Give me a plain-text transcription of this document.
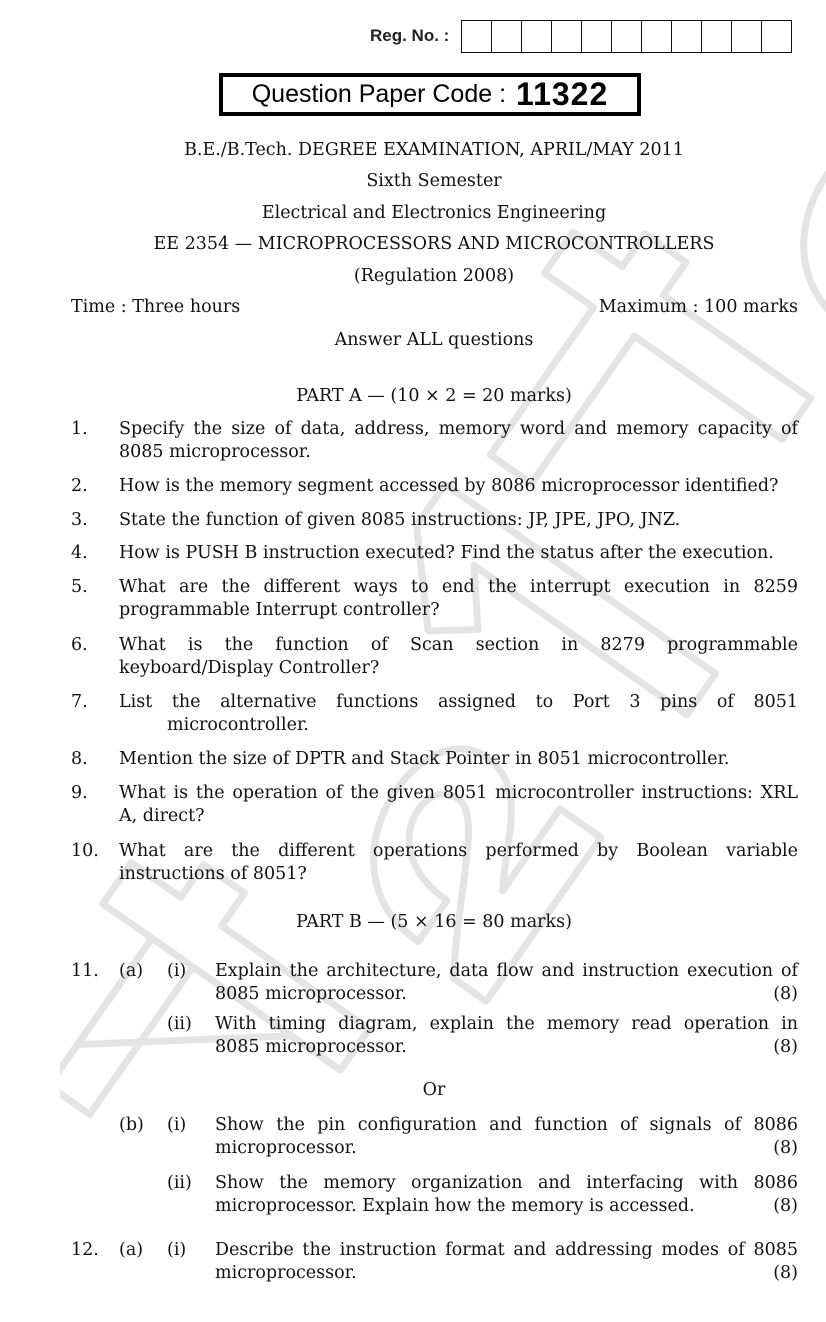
Reg. No. :
Question Paper Code : 11322
B.E./B.Tech. DEGREE EXAMINATION, APRIL/MAY 2011
Sixth Semester
Electrical and Electronics Engineering
EE 2354 — MICROPROCESSORS AND MICROCONTROLLERS
(Regulation 2008)
Time : Three hours	Maximum : 100 marks
Answer ALL questions
PART A — (10 × 2 = 20 marks)
1. Specify the size of data, address, memory word and memory capacity of
8085 microprocessor.
2. How is the memory segment accessed by 8086 microprocessor identified?
3. State the function of given 8085 instructions: JP, JPE, JPO, JNZ.
4. How is PUSH B instruction executed? Find the status after the execution.
5. What are the different ways to end the interrupt execution in 8259
programmable Interrupt controller?
6. What is the function of Scan section in 8279 programmable
keyboard/Display Controller?
7. List the alternative functions assigned to Port 3 pins of 8051
microcontroller.
8. Mention the size of DPTR and Stack Pointer in 8051 microcontroller.
9. What is the operation of the given 8051 microcontroller instructions: XRL
A, direct?
10. What are the different operations performed by Boolean variable
instructions of 8051?
PART B — (5 × 16 = 80 marks)
11. (a) (i) Explain the architecture, data flow and instruction execution of
8085 microprocessor.	(8)
(ii) With timing diagram, explain the memory read operation in
8085 microprocessor.	(8)
Or
(b) (i) Show the pin configuration and function of signals of 8086
microprocessor.	(8)
(ii) Show the memory organization and interfacing with 8086
microprocessor. Explain how the memory is accessed.	(8)
12. (a) (i) Describe the instruction format and addressing modes of 8085
microprocessor.	(8)
